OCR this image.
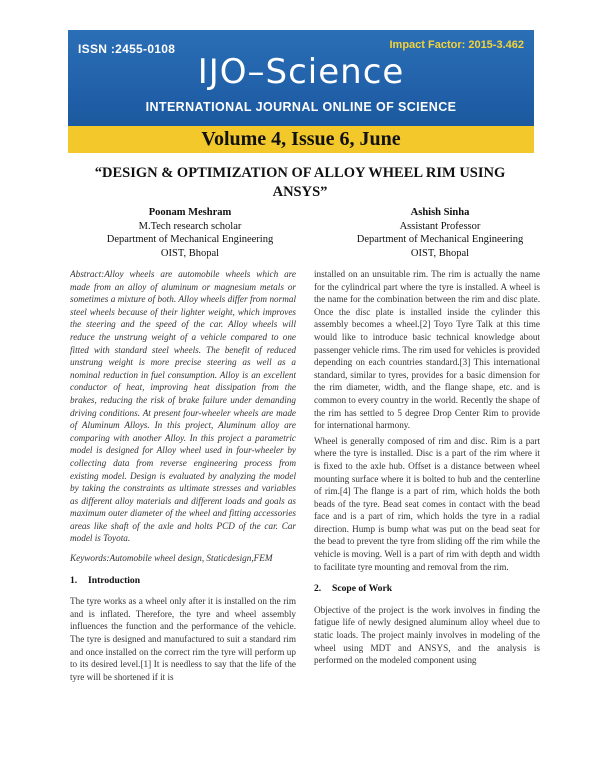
ISSN :2455-0108	Impact Factor: 2015-3.462
IJO–Science
INTERNATIONAL JOURNAL ONLINE OF SCIENCE
Volume 4, Issue 6, June
“DESIGN & OPTIMIZATION OF ALLOY WHEEL RIM USING ANSYS”
Poonam Meshram
M.Tech research scholar
Department of Mechanical Engineering
OIST, Bhopal
Ashish Sinha
Assistant Professor
Department of Mechanical Engineering
OIST, Bhopal

Abstract:Alloy wheels are automobile wheels which are made from an alloy of aluminum or magnesium metals or sometimes a mixture of both. Alloy wheels differ from normal steel wheels because of their lighter weight, which improves the steering and the speed of the car. Alloy wheels will reduce the unstrung weight of a vehicle compared to one fitted with standard steel wheels. The benefit of reduced unstrung weight is more precise steering as well as a nominal reduction in fuel consumption. Alloy is an excellent conductor of heat, improving heat dissipation from the brakes, reducing the risk of brake failure under demanding driving conditions. At present four-wheeler wheels are made of Aluminum Alloys. In this project, Aluminum alloy are comparing with another Alloy. In this project a parametric model is designed for Alloy wheel used in four-wheeler by collecting data from reverse engineering process from existing model. Design is evaluated by analyzing the model by taking the constraints as ultimate stresses and variables as different alloy materials and different loads and goals as maximum outer diameter of the wheel and fitting accessories areas like shaft of the axle and holts PCD of the car. Car model is Toyota.

Keywords:Automobile wheel design, Staticdesign,FEM

1. Introduction

The tyre works as a wheel only after it is installed on the rim and is inflated. Therefore, the tyre and wheel assembly influences the function and the performance of the vehicle. The tyre is designed and manufactured to suit a standard rim and once installed on the correct rim the tyre will perform up to its desired level.[1] It is needless to say that the life of the tyre will be shortened if it is

installed on an unsuitable rim. The rim is actually the name for the cylindrical part where the tyre is installed. A wheel is the name for the combination between the rim and disc plate. Once the disc plate is installed inside the cylinder this assembly becomes a wheel.[2] Toyo Tyre Talk at this time would like to introduce basic technical knowledge about passenger vehicle rims. The rim used for vehicles is provided depending on each countries standard.[3] This international standard, similar to tyres, provides for a basic dimension for the rim diameter, width, and the flange shape, etc. and is common to every country in the world. Recently the shape of the rim has settled to 5 degree Drop Center Rim to provide for international harmony.

Wheel is generally composed of rim and disc. Rim is a part where the tyre is installed. Disc is a part of the rim where it is fixed to the axle hub. Offset is a distance between wheel mounting surface where it is bolted to hub and the centerline of rim.[4] The flange is a part of rim, which holds the both beads of the tyre. Bead seat comes in contact with the bead face and is a part of rim, which holds the tyre in a radial direction. Hump is bump what was put on the bead seat for the bead to prevent the tyre from sliding off the rim while the vehicle is moving. Well is a part of rim with depth and width to facilitate tyre mounting and removal from the rim.

2. Scope of Work

Objective of the project is the work involves in finding the fatigue life of newly designed aluminum alloy wheel due to static loads. The project mainly involves in modeling of the wheel using MDT and ANSYS, and the analysis is performed on the modeled component using
